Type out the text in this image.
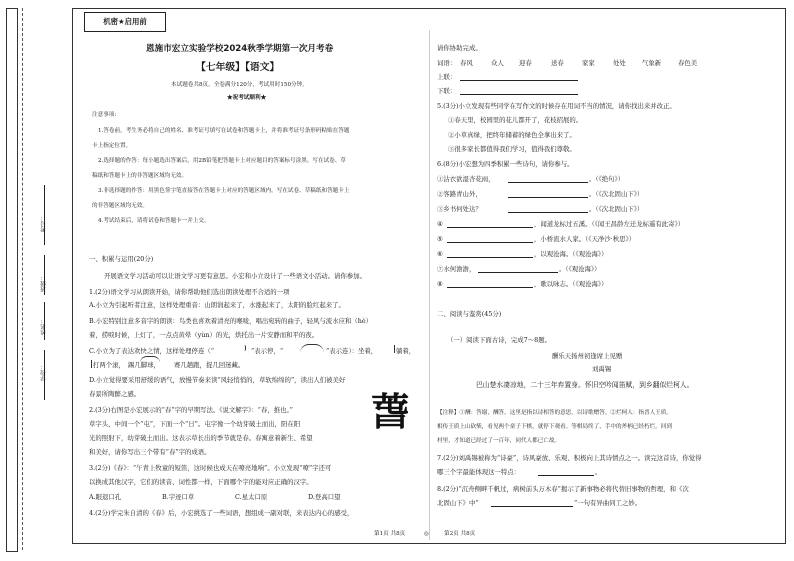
考号：
班级：
姓名：
学校：
机密★启用前
恩施市宏立实验学校2024秋季学期第一次月考卷
【七年级】【语文】
本试题卷共8页，全卷满分120分，考试用时150分钟。
★祝考试顺利★
注意事项:
1.答卷前，考生务必将自己的姓名、准考证号填写在试卷和答题卡上，并将准考证号条形码粘贴在答题
卡上指定位置。
2.选择题的作答：每小题选出答案后，用2B铅笔把答题卡上对应题目的答案标号涂黑。写在试卷、草
稿纸和答题卡上的非答题区域均无效。
3.非选择题的作答：用黑色签字笔直接答在答题卡上对应的答题区域内。写在试卷、草稿纸和答题卡上
的非答题区域均无效。
4.考试结束后，请将试卷和答题卡一并上交。
一、积累与运用(20分)
开展语文学习活动可以让语文学习更有意思。小宏和小立设计了一些语文小活动。请你参加。
1.(2分)语文学习从朗读开始，请你帮助他们选出朗读处理不合适的一项
A.小立为引起听者注意，这样处理重音：山朗润起来了，水涨起来了，太阳的脸红起来了。
B.小宏特别注意多音字的朗读：鸟类也喜欢着清亮的喉咙，唱出宛转的曲子，轻风与流水应和（hè）
着，捞唳时候，上灯了，一点点黄晕（yùn）的光，烘托出一片安静而和平的夜。
C.小立为了表达欢快之情，这样处理停连（“	”表示停，“	”表示连）：坐着，	躺着，
打两个滚， 踢几脚球， 赛几趟跑，捉几回迷藏。
D.小立觉得要采用舒缓的语气，放慢节奏来读“风轻悄悄的，草软绵绵的”，读出人们被美好
春景所陶醉之感。
2.(3分)右图是小宏展示的“春”字的早期写法。《说文解字》：“春，推也。”
草字头，中间一个“屯”，下面一个“日”。屯字像一个幼芽破土而出，阳在阳
光的照射下，幼芽破土而出。这表示草长出的季节就是春。春寓意着新生、希望
和美好，请你写出三个带有“春”字的成语。
萅
3.(2分)《春》：“午青上牧童的短笛，这时候也成天在嘹亮地响”。小立发现“嘹”字还可
以换成其他汉字，它们的读音、词性都一样，下面哪个字的能对应正确的汉字。
A.眼退口孔	B.字迹口草	C.星太口原	D.登高口望
4.(2分)学完朱自清的《春》后，小宏挑选了一些词语，想组成一副对联，来表达内心的感受，
请你协助完成。
词语： 春风	众人 迎春	送春	家家	处处	气象新	春色美
上联：
下联：
5.(3分)小立发现有些同学在写作文的时候存在用词不当的情况，请你找出来并改正。
①春天里，校园里的花儿都开了，花枝招展的。
②小草真绿，把终年储蓄的绿色全拿出来了。
③很多家长都值得我们学习，值得我们尊敬。
6.(8分)小宏想为四季积累一些诗句，请你参与。
①沾衣欲湿杏花雨，	。（《绝句》）
②客路青山外，	。（《次北固山下》）
③乡书何处达？	。（《次北固山下》）
④	，闻道龙标过五溪。（《闻王昌龄左迁龙标遥有此寄》）
⑤	，小桥流水人家。（《天净沙·秋思》）
⑥	，以观沧海。（《观沧海》）
⑦水何澹澹，	。（《观沧海》）
⑧	，歌以咏志。（《观沧海》）
二、阅读与鉴赏(45分)
（一）阅读下面古诗，完成7～8题。
酬乐天扬州初逢席上见赠
刘禹锡
巴山楚水凄凉地，二十三年弃置身。怀旧空吟闻笛赋，到乡翻似烂柯人。
【注释】①酬：答谢，酬答，这里是指以诗相答的意思，以诗歌赠答。②烂柯人：指晋人王质。
相传王质上山砍柴，看见两个童子下棋，就停下观看。等棋局终了，手中的斧柄已经朽烂。回到
村里，才知道已经过了一百年，同代人都已亡故。
7.(2分)刘禹锡被称为“诗豪”，诗风豪放、乐观、积极向上其诗情点之一。读完这首诗，你觉得
哪三个字最能体现这一特点：	。
8.(2分)“沉舟侧畔千帆过，病树前头万木春”揭示了新事物必将代替旧事物的哲理，和《次
北固山下》中“	”一句有异曲同工之妙。
第1页 共8页	◎	第2页 共8页
